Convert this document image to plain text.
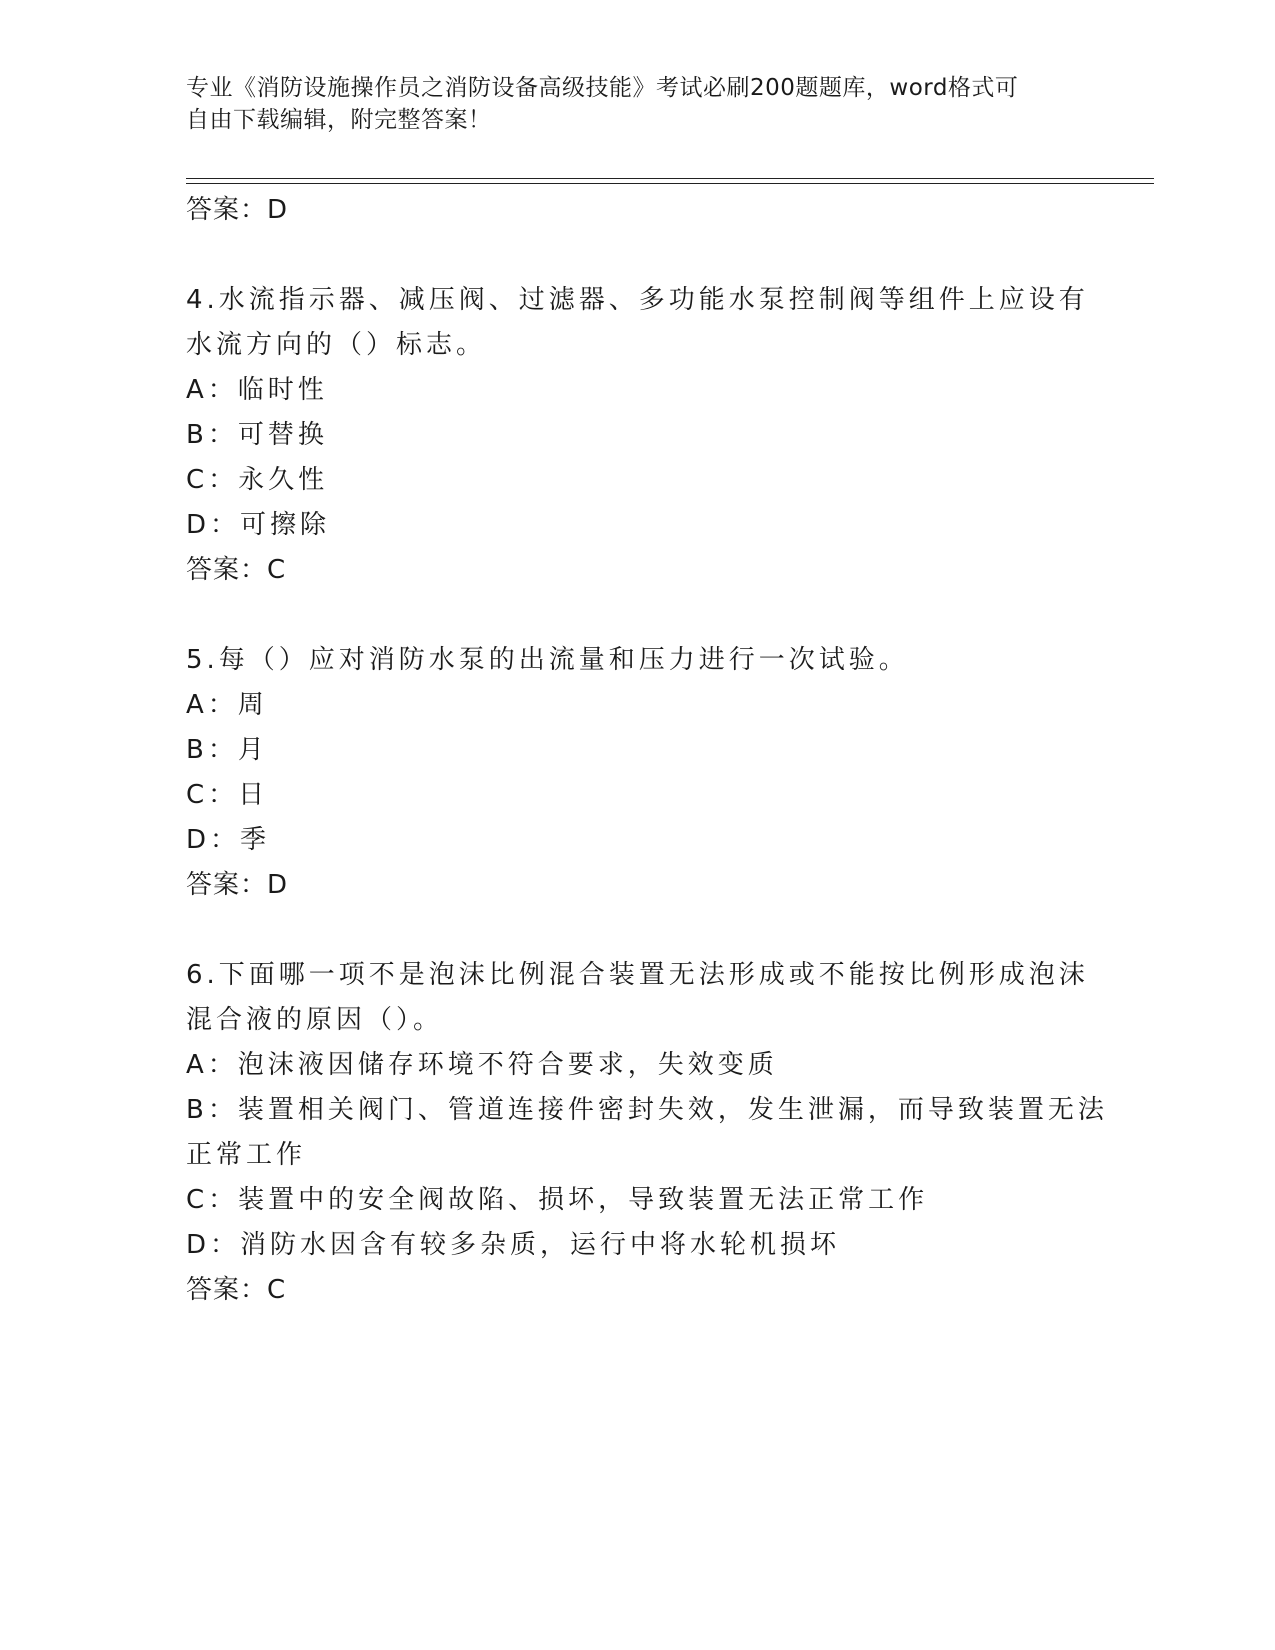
专业《消防设施操作员之消防设备高级技能》考试必刷200题题库，word格式可
自由下载编辑，附完整答案！
答案：D
4.水流指示器、减压阀、过滤器、多功能水泵控制阀等组件上应设有
水流方向的（）标志。
A：临时性
B：可替换
C：永久性
D：可擦除
答案：C
5.每（）应对消防水泵的出流量和压力进行一次试验。
A：周
B：月
C：日
D：季
答案：D
6.下面哪一项不是泡沫比例混合装置无法形成或不能按比例形成泡沫
混合液的原因（）。
A：泡沫液因储存环境不符合要求，失效变质
B：装置相关阀门、管道连接件密封失效，发生泄漏，而导致装置无法
正常工作
C：装置中的安全阀故陷、损坏，导致装置无法正常工作
D：消防水因含有较多杂质，运行中将水轮机损坏
答案：C
